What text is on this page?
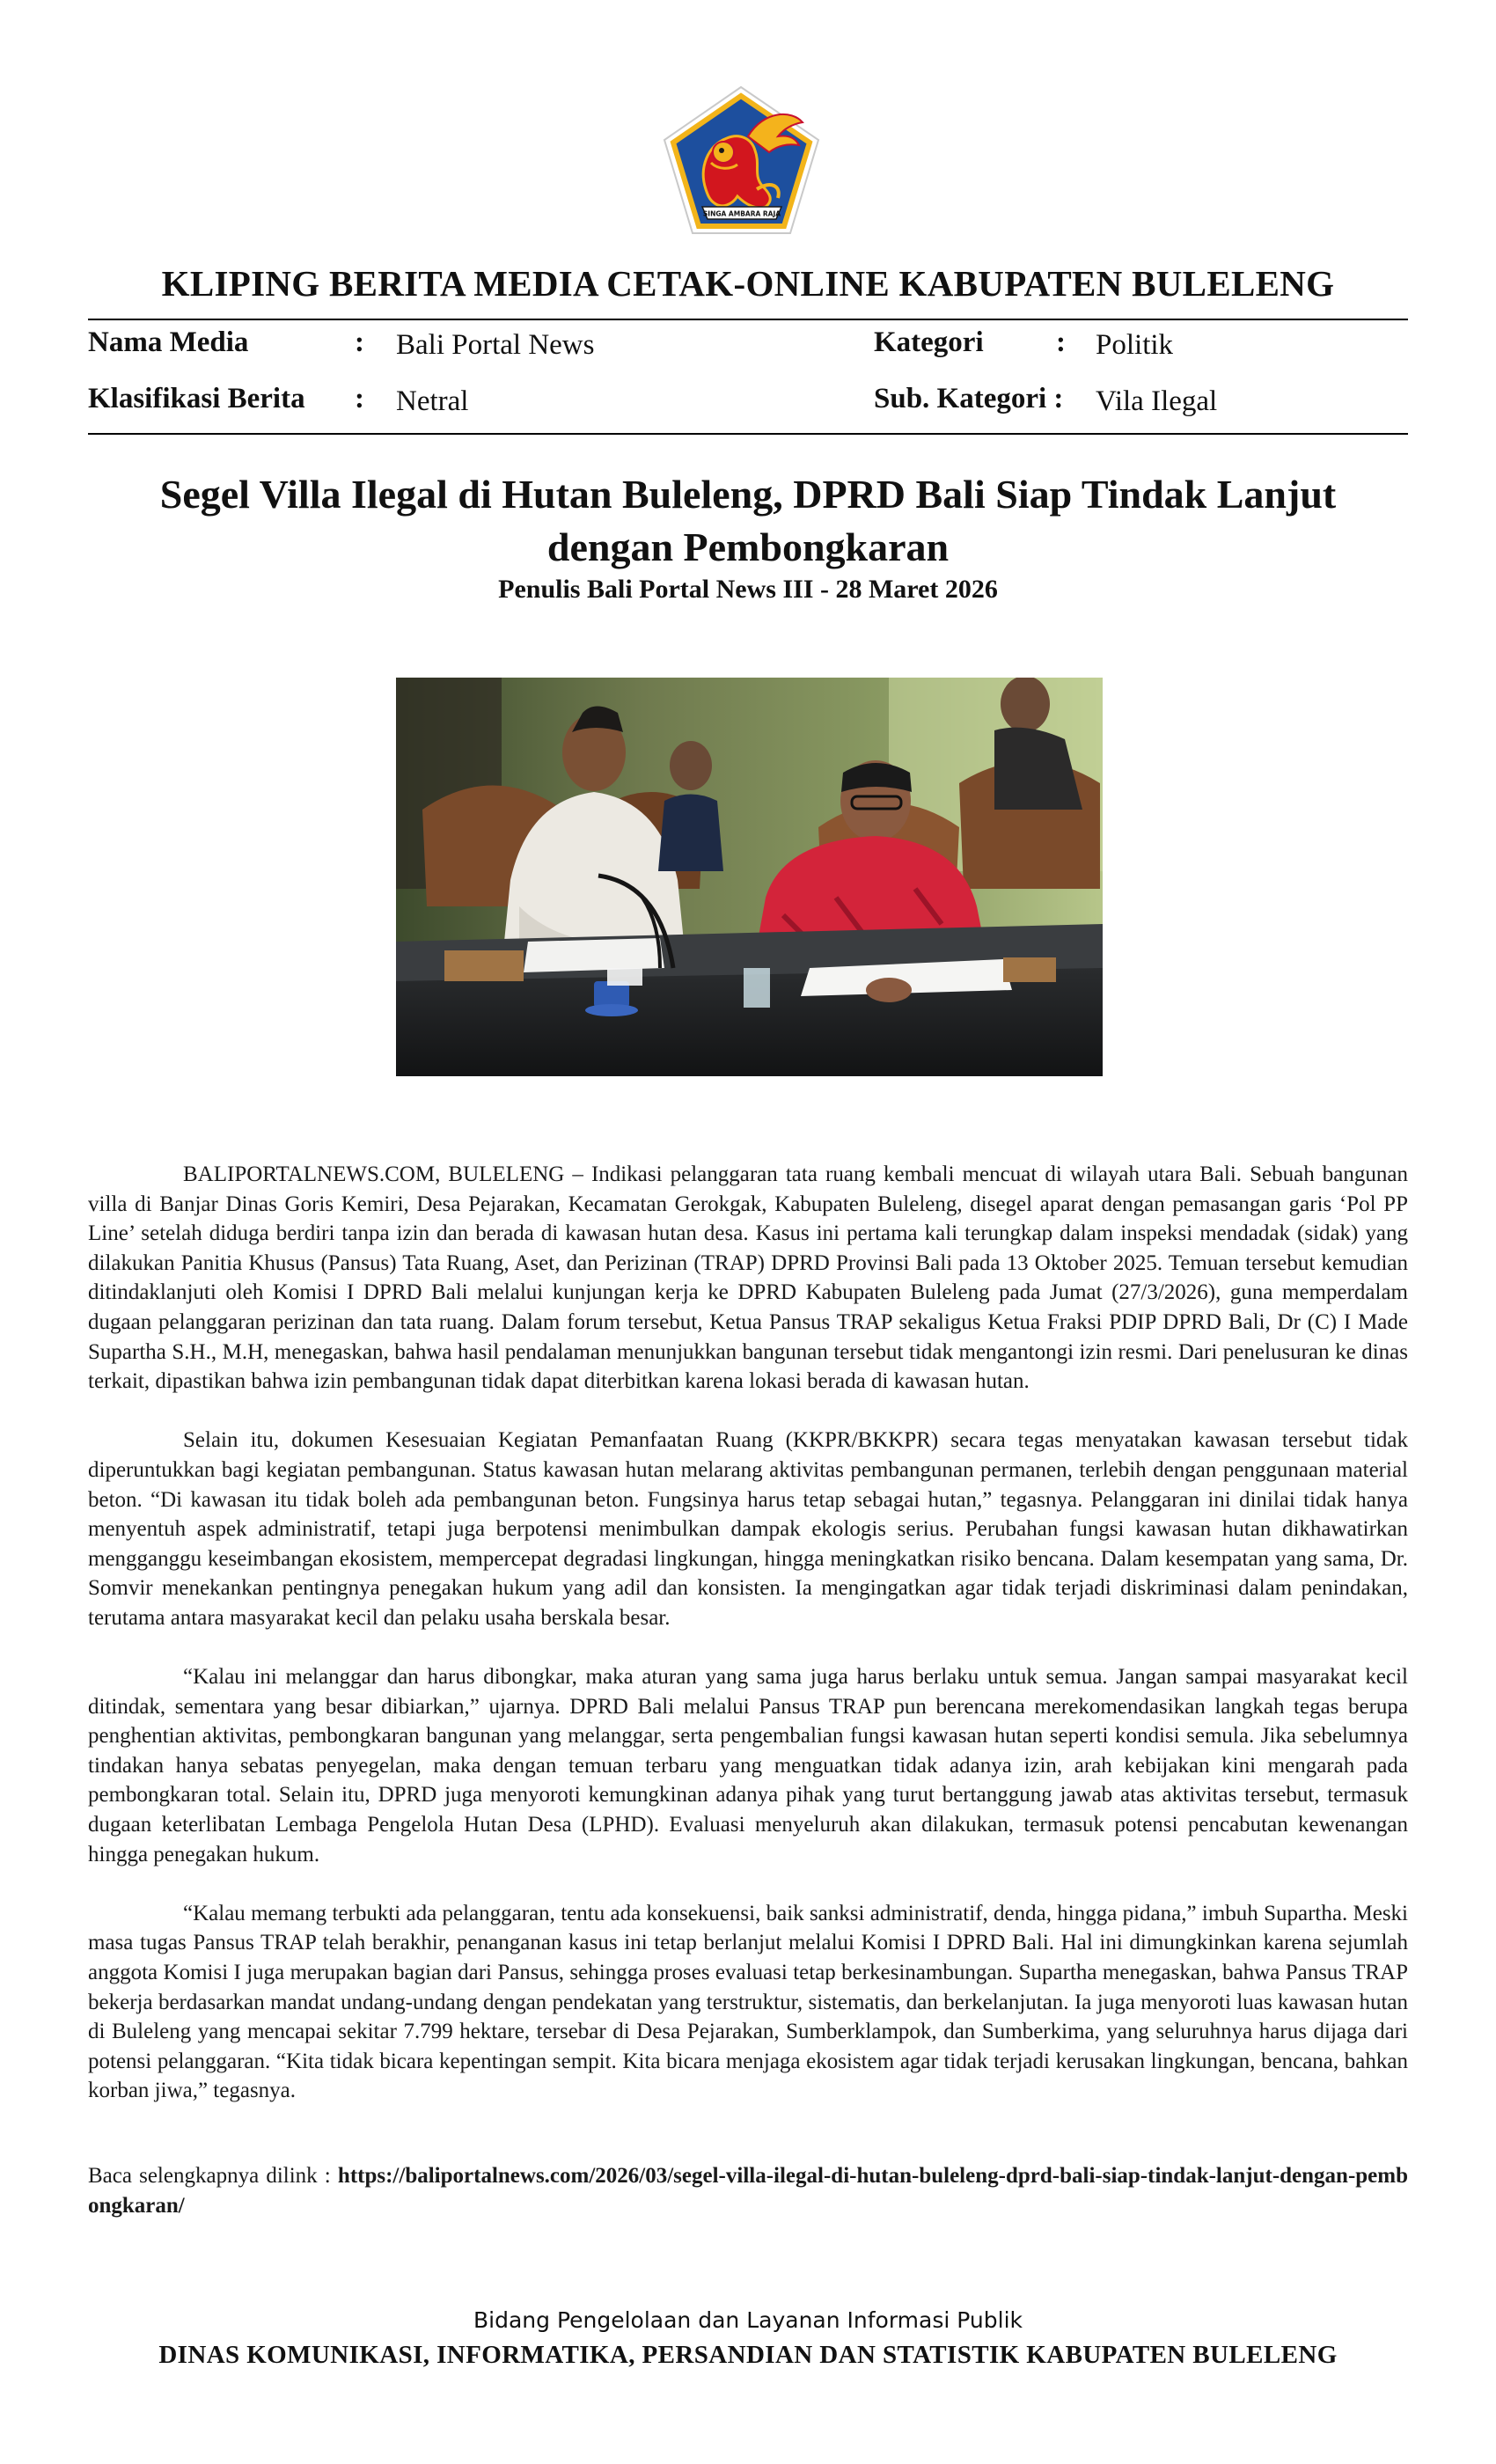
SINGA AMBARA RAJA
KLIPING BERITA MEDIA CETAK-ONLINE KABUPATEN BULELENG
Nama Media	: Bali Portal News	Kategori : Politik
Klasifikasi Berita : Netral	Sub. Kategori : Vila Ilegal
Segel Villa Ilegal di Hutan Buleleng, DPRD Bali Siap Tindak Lanjut
dengan Pembongkaran
Penulis Bali Portal News III - 28 Maret 2026

BALIPORTALNEWS.COM, BULELENG – Indikasi pelanggaran tata ruang kembali mencuat di wilayah utara Bali. Sebuah bangunan villa di Banjar Dinas Goris Kemiri, Desa Pejarakan, Kecamatan Gerokgak, Kabupaten Buleleng, disegel aparat dengan pemasangan garis ‘Pol PP Line’ setelah diduga berdiri tanpa izin dan berada di kawasan hutan desa. Kasus ini pertama kali terungkap dalam inspeksi mendadak (sidak) yang dilakukan Panitia Khusus (Pansus) Tata Ruang, Aset, dan Perizinan (TRAP) DPRD Provinsi Bali pada 13 Oktober 2025. Temuan tersebut kemudian ditindaklanjuti oleh Komisi I DPRD Bali melalui kunjungan kerja ke DPRD Kabupaten Buleleng pada Jumat (27/3/2026), guna memperdalam dugaan pelanggaran perizinan dan tata ruang. Dalam forum tersebut, Ketua Pansus TRAP sekaligus Ketua Fraksi PDIP DPRD Bali, Dr (C) I Made Supartha S.H., M.H, menegaskan, bahwa hasil pendalaman menunjukkan bangunan tersebut tidak mengantongi izin resmi. Dari penelusuran ke dinas terkait, dipastikan bahwa izin pembangunan tidak dapat diterbitkan karena lokasi berada di kawasan hutan.

Selain itu, dokumen Kesesuaian Kegiatan Pemanfaatan Ruang (KKPR/BKKPR) secara tegas menyatakan kawasan tersebut tidak diperuntukkan bagi kegiatan pembangunan. Status kawasan hutan melarang aktivitas pembangunan permanen, terlebih dengan penggunaan material beton. “Di kawasan itu tidak boleh ada pembangunan beton. Fungsinya harus tetap sebagai hutan,” tegasnya. Pelanggaran ini dinilai tidak hanya menyentuh aspek administratif, tetapi juga berpotensi menimbulkan dampak ekologis serius. Perubahan fungsi kawasan hutan dikhawatirkan mengganggu keseimbangan ekosistem, mempercepat degradasi lingkungan, hingga meningkatkan risiko bencana. Dalam kesempatan yang sama, Dr. Somvir menekankan pentingnya penegakan hukum yang adil dan konsisten. Ia mengingatkan agar tidak terjadi diskriminasi dalam penindakan, terutama antara masyarakat kecil dan pelaku usaha berskala besar.

“Kalau ini melanggar dan harus dibongkar, maka aturan yang sama juga harus berlaku untuk semua. Jangan sampai masyarakat kecil ditindak, sementara yang besar dibiarkan,” ujarnya. DPRD Bali melalui Pansus TRAP pun berencana merekomendasikan langkah tegas berupa penghentian aktivitas, pembongkaran bangunan yang melanggar, serta pengembalian fungsi kawasan hutan seperti kondisi semula. Jika sebelumnya tindakan hanya sebatas penyegelan, maka dengan temuan terbaru yang menguatkan tidak adanya izin, arah kebijakan kini mengarah pada pembongkaran total. Selain itu, DPRD juga menyoroti kemungkinan adanya pihak yang turut bertanggung jawab atas aktivitas tersebut, termasuk dugaan keterlibatan Lembaga Pengelola Hutan Desa (LPHD). Evaluasi menyeluruh akan dilakukan, termasuk potensi pencabutan kewenangan hingga penegakan hukum.

“Kalau memang terbukti ada pelanggaran, tentu ada konsekuensi, baik sanksi administratif, denda, hingga pidana,” imbuh Supartha. Meski masa tugas Pansus TRAP telah berakhir, penanganan kasus ini tetap berlanjut melalui Komisi I DPRD Bali. Hal ini dimungkinkan karena sejumlah anggota Komisi I juga merupakan bagian dari Pansus, sehingga proses evaluasi tetap berkesinambungan. Supartha menegaskan, bahwa Pansus TRAP bekerja berdasarkan mandat undang-undang dengan pendekatan yang terstruktur, sistematis, dan berkelanjutan. Ia juga menyoroti luas kawasan hutan di Buleleng yang mencapai sekitar 7.799 hektare, tersebar di Desa Pejarakan, Sumberklampok, dan Sumberkima, yang seluruhnya harus dijaga dari potensi pelanggaran. “Kita tidak bicara kepentingan sempit. Kita bicara menjaga ekosistem agar tidak terjadi kerusakan lingkungan, bencana, bahkan korban jiwa,” tegasnya.

Baca selengkapnya dilink : https://baliportalnews.com/2026/03/segel-villa-ilegal-di-hutan-buleleng-dprd-bali-siap-tindak-lanjut-dengan-pembongkaran/
Bidang Pengelolaan dan Layanan Informasi Publik
DINAS KOMUNIKASI, INFORMATIKA, PERSANDIAN DAN STATISTIK KABUPATEN BULELENG
